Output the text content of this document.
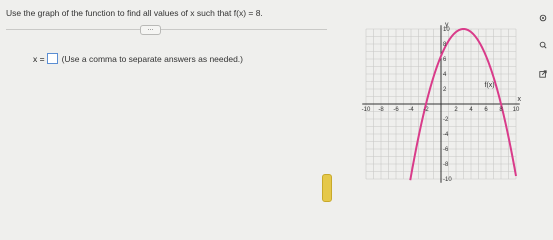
Use the graph of the function to find all values of x such that f(x) = 8.
...
x = (Use a comma to separate answers as needed.)
f(x)
y
x
-10 -8 -6 -4 -2	2 4 6 8 10
10
8
6
4
2
-2
-4
-6
-8
-10
